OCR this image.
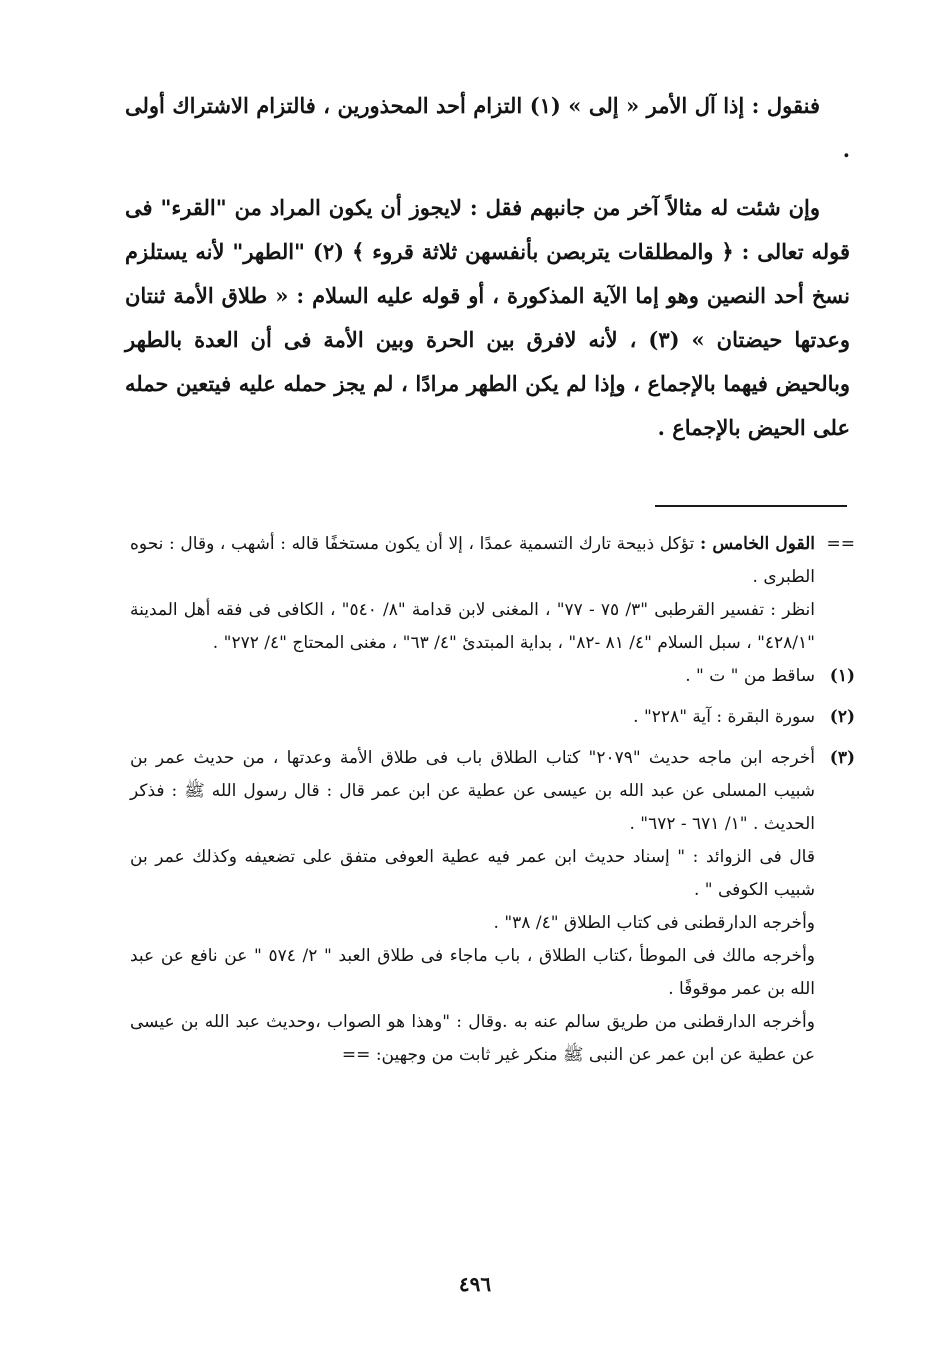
فنقول : إذا آل الأمر « إلى » (١) التزام أحد المحذورين ، فالتزام الاشتراك أولى .

وإن شئت له مثالاً آخر من جانبهم فقل : لايجوز أن يكون المراد من "القرء" فى قوله تعالى : ﴿ والمطلقات يتربصن بأنفسهن ثلاثة قروء ﴾ (٢) "الطهر" لأنه يستلزم نسخ أحد النصين وهو إما الآية المذكورة ، أو قوله عليه السلام : « طلاق الأمة ثنتان وعدتها حيضتان » (٣) ، لأنه لافرق بين الحرة وبين الأمة فى أن العدة بالطهر وبالحيض فيهما بالإجماع ، وإذا لم يكن الطهر مرادًا ، لم يجز حمله عليه فيتعين حمله على الحيض بالإجماع .

==
القول الخامس : تؤكل ذبيحة تارك التسمية عمدًا ، إلا أن يكون مستخفًا قاله : أشهب ، وقال : نحوه الطبرى .

انظر : تفسير القرطبى "٣/ ٧٥ - ٧٧" ، المغنى لابن قدامة "٨/ ٥٤٠" ، الكافى فى فقه أهل المدينة "٤٢٨/١" ، سبل السلام "٤/ ٨١ -٨٢" ، بداية المبتدئ "٤/ ٦٣" ، مغنى المحتاج "٤/ ٢٧٢" .

(١)
ساقط من " ت " .

(٢)
سورة البقرة : آية "٢٢٨" .

(٣)
أخرجه ابن ماجه حديث "٢٠٧٩" كتاب الطلاق باب فى طلاق الأمة وعدتها ، من حديث عمر بن شبيب المسلى عن عبد الله بن عيسى عن عطية عن ابن عمر قال : قال رسول الله ﷺ : فذكر الحديث . "١/ ٦٧١ - ٦٧٢" .

قال فى الزوائد : " إسناد حديث ابن عمر فيه عطية العوفى متفق على تضعيفه وكذلك عمر بن شبيب الكوفى " .

وأخرجه الدارقطنى فى كتاب الطلاق "٤/ ٣٨" .

وأخرجه مالك فى الموطأ ،كتاب الطلاق ، باب ماجاء فى طلاق العبد " ٢/ ٥٧٤ " عن نافع عن عبد الله بن عمر موقوفًا .

وأخرجه الدارقطنى من طريق سالم عنه به .وقال : "وهذا هو الصواب ،وحديث عبد الله بن عيسى عن عطية عن ابن عمر عن النبى ﷺ منكر غير ثابت من وجهين: ==

٤٩٦
